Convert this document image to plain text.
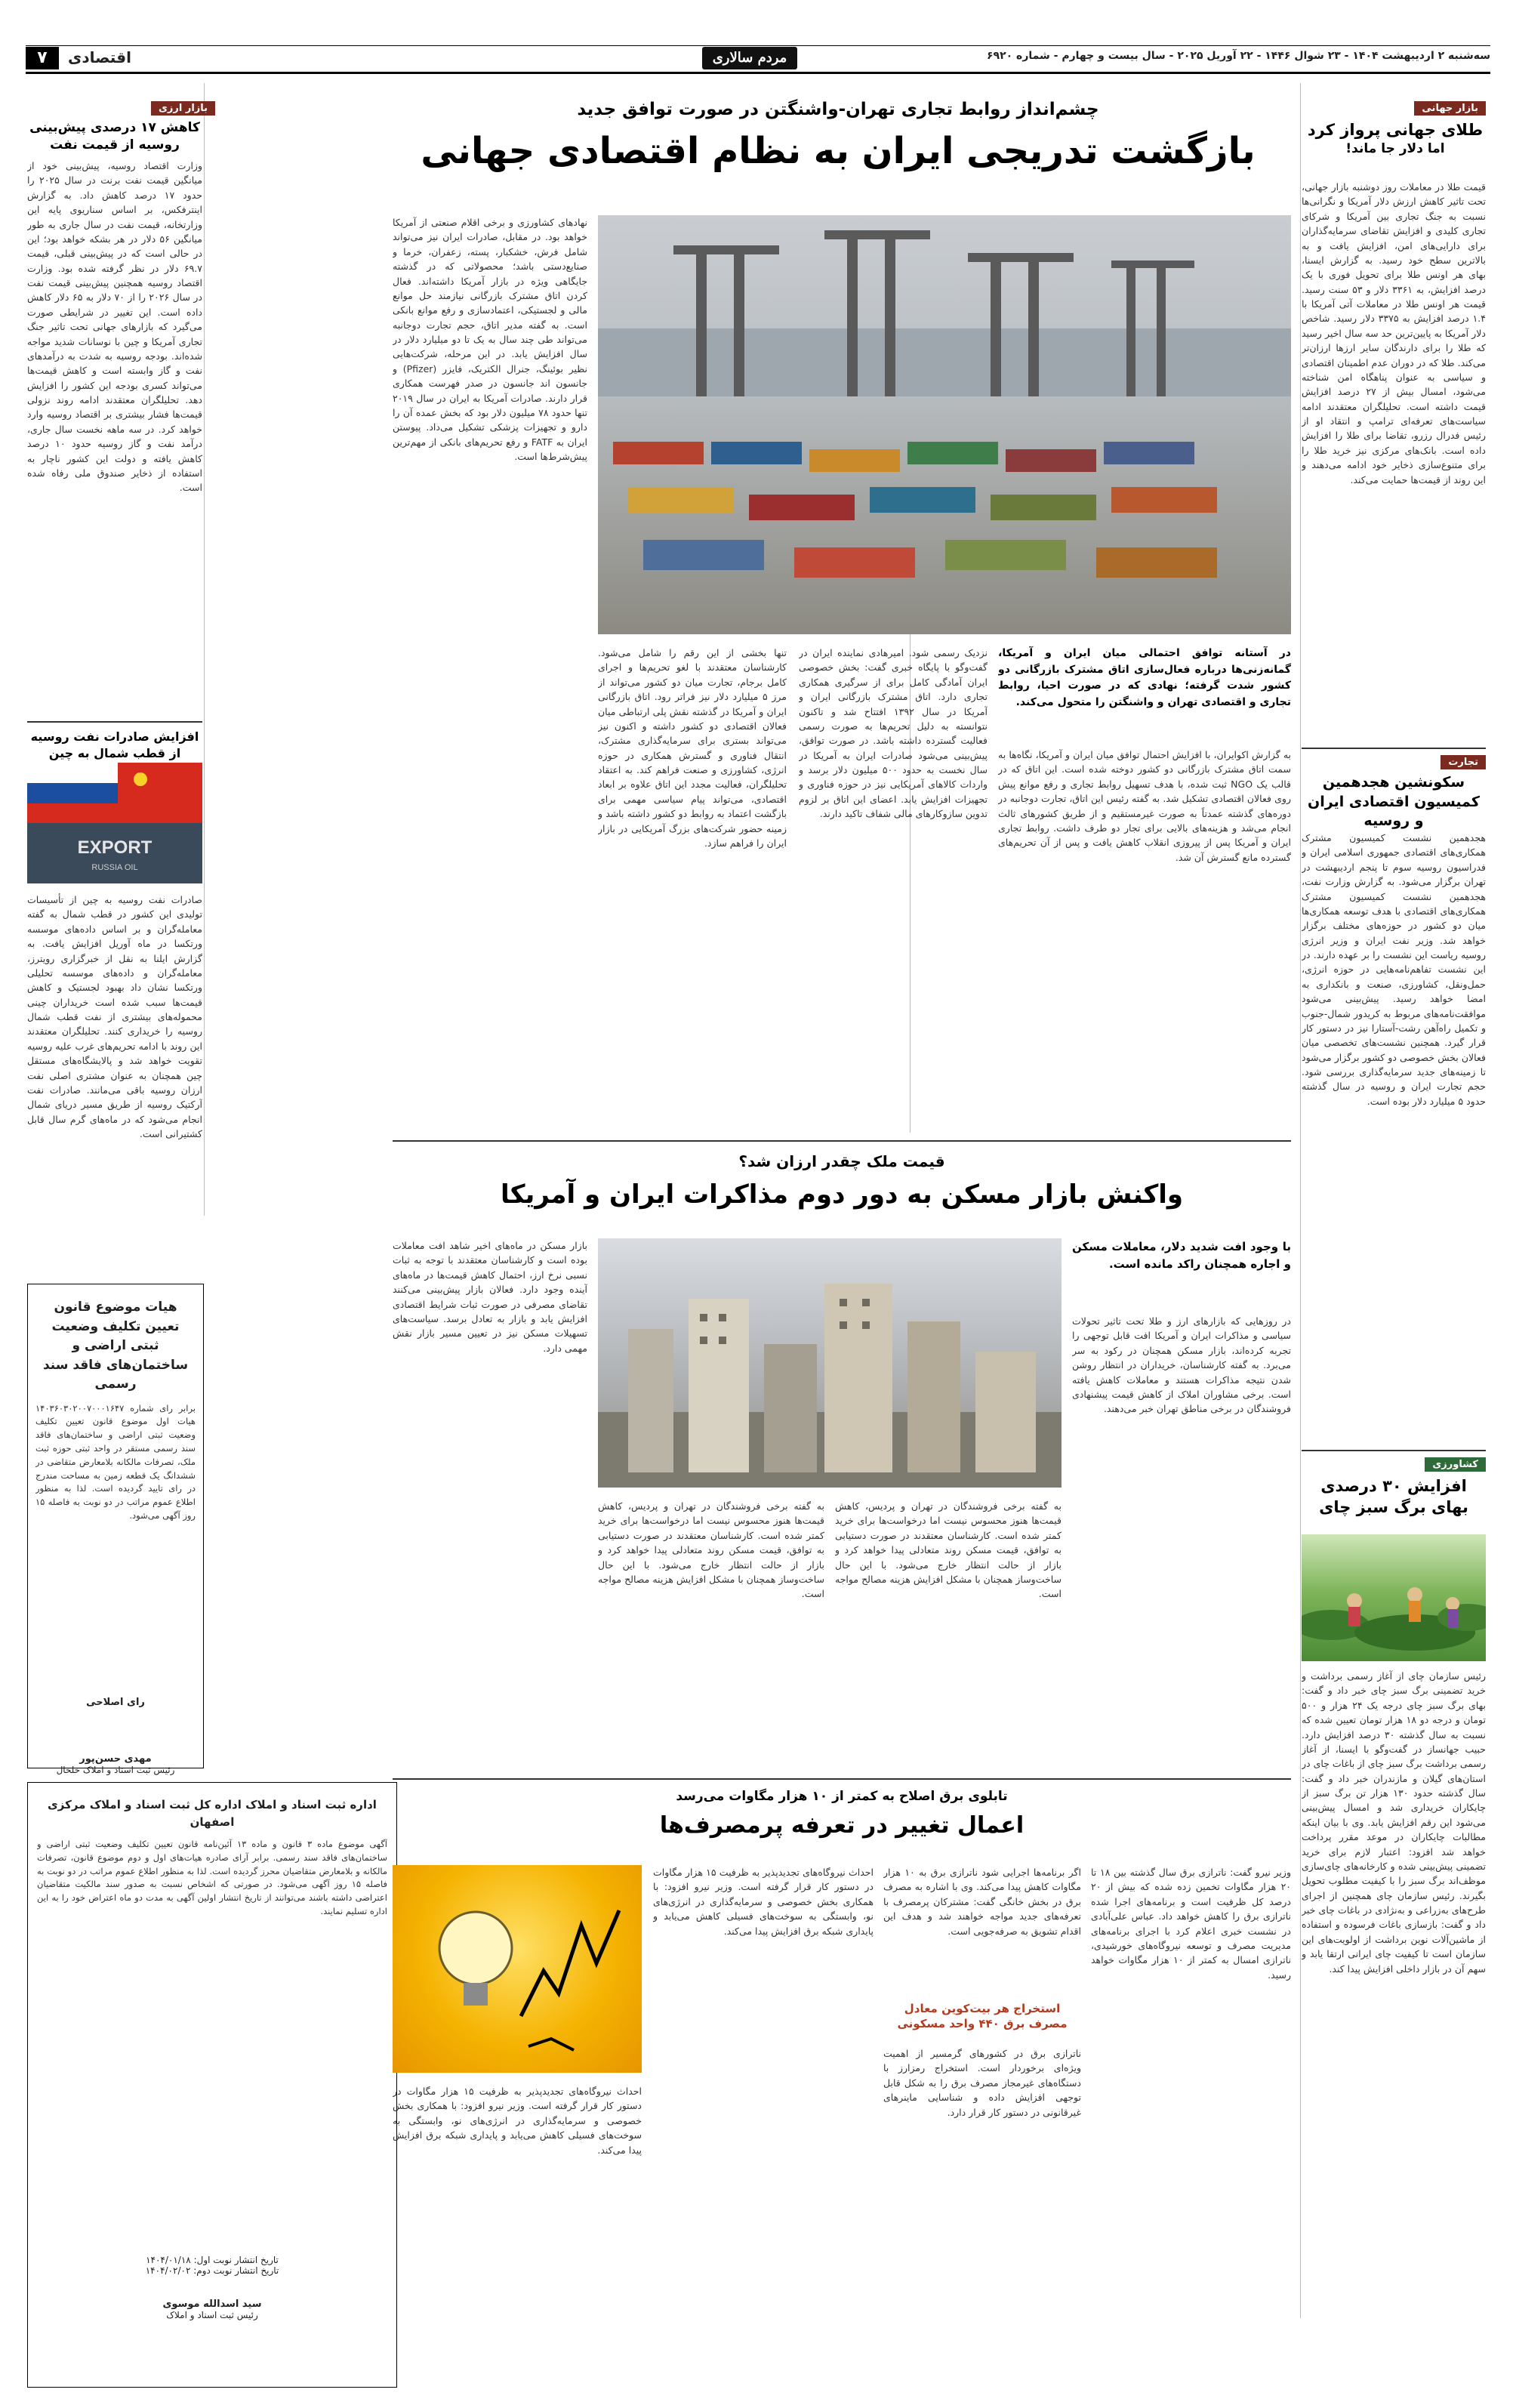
۷	اقتصادی	مردم سالاری	سه‌شنبه ۲ اردیبهشت ۱۴۰۴ - ۲۳ شوال ۱۴۴۶ - ۲۲ آوریل ۲۰۲۵ - سال بیست و چهارم - شماره ۶۹۲۰
بازار جهانی
طلای جهانی پرواز کرد
اما دلار جا ماند!
قیمت طلا در معاملات روز دوشنبه بازار جهانی، تحت تاثیر کاهش ارزش دلار آمریکا و نگرانی‌ها نسبت به جنگ تجاری بین آمریکا و شرکای تجاری کلیدی و افزایش تقاضای سرمایه‌گذاران برای دارایی‌های امن، افزایش یافت و به بالاترین سطح خود رسید. به گزارش ایسنا، بهای هر اونس طلا برای تحویل فوری با یک درصد افزایش، به ۳۳۶۱ دلار و ۵۳ سنت رسید. قیمت هر اونس طلا در معاملات آتی آمریکا با ۱.۴ درصد افزایش به ۳۳۷۵ دلار رسید. شاخص دلار آمریکا به پایین‌ترین حد سه سال اخیر رسید که طلا را برای دارندگان سایر ارزها ارزان‌تر می‌کند. طلا که در دوران عدم اطمینان اقتصادی و سیاسی به عنوان پناهگاه امن شناخته می‌شود، امسال بیش از ۲۷ درصد افزایش قیمت داشته است. تحلیلگران معتقدند ادامه سیاست‌های تعرفه‌ای ترامپ و انتقاد او از رئیس فدرال رزرو، تقاضا برای طلا را افزایش داده است. بانک‌های مرکزی نیز خرید طلا را برای متنوع‌سازی ذخایر خود ادامه می‌دهند و این روند از قیمت‌ها حمایت می‌کند.
تجارت
سکونشین هجدهمین کمیسیون اقتصادی ایران و روسیه
هجدهمین نشست کمیسیون مشترک همکاری‌های اقتصادی جمهوری اسلامی ایران و فدراسیون روسیه سوم تا پنجم اردیبهشت در تهران برگزار می‌شود. به گزارش وزارت نفت، هجدهمین نشست کمیسیون مشترک همکاری‌های اقتصادی با هدف توسعه همکاری‌ها میان دو کشور در حوزه‌های مختلف برگزار خواهد شد. وزیر نفت ایران و وزیر انرژی روسیه ریاست این نشست را بر عهده دارند. در این نشست تفاهم‌نامه‌هایی در حوزه انرژی، حمل‌ونقل، کشاورزی، صنعت و بانکداری به امضا خواهد رسید. پیش‌بینی می‌شود موافقت‌نامه‌های مربوط به کریدور شمال-جنوب و تکمیل راه‌آهن رشت-آستارا نیز در دستور کار قرار گیرد. همچنین نشست‌های تخصصی میان فعالان بخش خصوصی دو کشور برگزار می‌شود تا زمینه‌های جدید سرمایه‌گذاری بررسی شود. حجم تجارت ایران و روسیه در سال گذشته حدود ۵ میلیارد دلار بوده است.
کشاورزی
افزایش ۳۰ درصدی بهای برگ سبز چای
رئیس سازمان چای از آغاز رسمی برداشت و خرید تضمینی برگ سبز چای خبر داد و گفت: بهای برگ سبز چای درجه یک ۲۴ هزار و ۵۰۰ تومان و درجه دو ۱۸ هزار تومان تعیین شده که نسبت به سال گذشته ۳۰ درصد افزایش دارد. حبیب جهانساز در گفت‌وگو با ایسنا، از آغاز رسمی برداشت برگ سبز چای از باغات چای در استان‌های گیلان و مازندران خبر داد و گفت: سال گذشته حدود ۱۳۰ هزار تن برگ سبز از چایکاران خریداری شد و امسال پیش‌بینی می‌شود این رقم افزایش یابد. وی با بیان اینکه مطالبات چایکاران در موعد مقرر پرداخت خواهد شد افزود: اعتبار لازم برای خرید تضمینی پیش‌بینی شده و کارخانه‌های چای‌سازی موظف‌اند برگ سبز را با کیفیت مطلوب تحویل بگیرند. رئیس سازمان چای همچنین از اجرای طرح‌های به‌زراعی و به‌نژادی در باغات چای خبر داد و گفت: بازسازی باغات فرسوده و استفاده از ماشین‌آلات نوین برداشت از اولویت‌های این سازمان است تا کیفیت چای ایرانی ارتقا یابد و سهم آن در بازار داخلی افزایش پیدا کند.
چشم‌انداز روابط تجاری تهران-واشنگتن در صورت توافق جدید
بازگشت تدریجی ایران به نظام اقتصادی جهانی
نهادهای کشاورزی و برخی اقلام صنعتی از آمریکا خواهد بود. در مقابل، صادرات ایران نیز می‌تواند شامل فرش، خشکبار، پسته، زعفران، خرما و صنایع‌دستی باشد؛ محصولاتی که در گذشته جایگاهی ویژه در بازار آمریکا داشته‌اند. فعال کردن اتاق مشترک بازرگانی نیازمند حل موانع مالی و لجستیکی، اعتمادسازی و رفع موانع بانکی است. به گفته مدیر اتاق، حجم تجارت دوجانبه می‌تواند طی چند سال به یک تا دو میلیارد دلار در سال افزایش یابد. در این مرحله، شرکت‌هایی نظیر بوئینگ، جنرال الکتریک، فایزر (Pfizer) و جانسون اند جانسون در صدر فهرست همکاری قرار دارند. صادرات آمریکا به ایران در سال ۲۰۱۹ تنها حدود ۷۸ میلیون دلار بود که بخش عمده آن را دارو و تجهیزات پزشکی تشکیل می‌داد. پیوستن ایران به FATF و رفع تحریم‌های بانکی از مهم‌ترین پیش‌شرط‌ها است.
تنها بخشی از این رقم را شامل می‌شود. کارشناسان معتقدند با لغو تحریم‌ها و اجرای کامل برجام، تجارت میان دو کشور می‌تواند از مرز ۵ میلیارد دلار نیز فراتر رود. اتاق بازرگانی ایران و آمریکا در گذشته نقش پلی ارتباطی میان فعالان اقتصادی دو کشور داشته و اکنون نیز می‌تواند بستری برای سرمایه‌گذاری مشترک، انتقال فناوری و گسترش همکاری در حوزه انرژی، کشاورزی و صنعت فراهم کند. به اعتقاد تحلیلگران، فعالیت مجدد این اتاق علاوه بر ابعاد اقتصادی، می‌تواند پیام سیاسی مهمی برای بازگشت اعتماد به روابط دو کشور داشته باشد و زمینه حضور شرکت‌های بزرگ آمریکایی در بازار ایران را فراهم سازد.
نزدیک رسمی شود. امیرهادی نماینده ایران در گفت‌وگو با پایگاه خبری گفت: بخش خصوصی ایران آمادگی کامل برای از سرگیری همکاری تجاری دارد. اتاق مشترک بازرگانی ایران و آمریکا در سال ۱۳۹۲ افتتاح شد و تاکنون نتوانسته به دلیل تحریم‌ها به صورت رسمی فعالیت گسترده داشته باشد. در صورت توافق، پیش‌بینی می‌شود صادرات ایران به آمریکا در سال نخست به حدود ۵۰۰ میلیون دلار برسد و واردات کالاهای آمریکایی نیز در حوزه فناوری و تجهیزات افزایش یابد. اعضای این اتاق بر لزوم تدوین سازوکارهای مالی شفاف تاکید دارند.
در آستانه توافق احتمالی میان ایران و آمریکا، گمانه‌زنی‌ها درباره فعال‌سازی اتاق مشترک بازرگانی دو کشور شدت گرفته؛ نهادی که در صورت احیا، روابط تجاری و اقتصادی تهران و واشنگتن را متحول می‌کند.
به گزارش اکوایران، با افزایش احتمال توافق میان ایران و آمریکا، نگاه‌ها به سمت اتاق مشترک بازرگانی دو کشور دوخته شده است. این اتاق که در قالب یک NGO ثبت شده، با هدف تسهیل روابط تجاری و رفع موانع پیش روی فعالان اقتصادی تشکیل شد. به گفته رئیس این اتاق، تجارت دوجانبه در دوره‌های گذشته عمدتاً به صورت غیرمستقیم و از طریق کشورهای ثالث انجام می‌شد و هزینه‌های بالایی برای تجار دو طرف داشت. روابط تجاری ایران و آمریکا پس از پیروزی انقلاب کاهش یافت و پس از آن تحریم‌های گسترده مانع گسترش آن شد.
بازار ارزی
کاهش ۱۷ درصدی پیش‌بینی روسیه از قیمت نفت
وزارت اقتصاد روسیه، پیش‌بینی خود از میانگین قیمت نفت برنت در سال ۲۰۲۵ را حدود ۱۷ درصد کاهش داد. به گزارش اینترفکس، بر اساس سناریوی پایه این وزارتخانه، قیمت نفت در سال جاری به طور میانگین ۵۶ دلار در هر بشکه خواهد بود؛ این در حالی است که در پیش‌بینی قبلی، قیمت ۶۹.۷ دلار در نظر گرفته شده بود. وزارت اقتصاد روسیه همچنین پیش‌بینی قیمت نفت در سال ۲۰۲۶ را از ۷۰ دلار به ۶۵ دلار کاهش داده است. این تغییر در شرایطی صورت می‌گیرد که بازارهای جهانی تحت تاثیر جنگ تجاری آمریکا و چین با نوسانات شدید مواجه شده‌اند. بودجه روسیه به شدت به درآمدهای نفت و گاز وابسته است و کاهش قیمت‌ها می‌تواند کسری بودجه این کشور را افزایش دهد. تحلیلگران معتقدند ادامه روند نزولی قیمت‌ها فشار بیشتری بر اقتصاد روسیه وارد خواهد کرد. در سه ماهه نخست سال جاری، درآمد نفت و گاز روسیه حدود ۱۰ درصد کاهش یافته و دولت این کشور ناچار به استفاده از ذخایر صندوق ملی رفاه شده است.
افزایش صادرات نفت روسیه از قطب شمال به چین
EXPORT
RUSSIA OIL
صادرات نفت روسیه به چین از تأسیسات تولیدی این کشور در قطب شمال به گفته معامله‌گران و بر اساس داده‌های موسسه ورتکسا در ماه آوریل افزایش یافت. به گزارش ایلنا به نقل از خبرگزاری رویترز، معامله‌گران و داده‌های موسسه تحلیلی ورتکسا نشان داد بهبود لجستیک و کاهش قیمت‌ها سبب شده است خریداران چینی محموله‌های بیشتری از نفت قطب شمال روسیه را خریداری کنند. تحلیلگران معتقدند این روند با ادامه تحریم‌های غرب علیه روسیه تقویت خواهد شد و پالایشگاه‌های مستقل چین همچنان به عنوان مشتری اصلی نفت ارزان روسیه باقی می‌مانند. صادرات نفت آرکتیک روسیه از طریق مسیر دریای شمال انجام می‌شود که در ماه‌های گرم سال قابل کشتیرانی است.
هیات موضوع قانون تعیین تکلیف وضعیت ثبتی اراضی و ساختمان‌های فاقد سند رسمی
برابر رای شماره ۱۴۰۳۶۰۳۰۲۰۰۷۰۰۰۱۶۴۷ هیات اول موضوع قانون تعیین تکلیف وضعیت ثبتی اراضی و ساختمان‌های فاقد سند رسمی مستقر در واحد ثبتی حوزه ثبت ملک، تصرفات مالکانه بلامعارض متقاضی در ششدانگ یک قطعه زمین به مساحت مندرج در رای تایید گردیده است. لذا به منظور اطلاع عموم مراتب در دو نوبت به فاصله ۱۵ روز آگهی می‌شود.
رای اصلاحی
مهدی حسن‌پور
رئیس ثبت اسناد و املاک خلخال
اداره ثبت اسناد و املاک اداره کل ثبت اسناد و املاک مرکزی اصفهان
آگهی موضوع ماده ۳ قانون و ماده ۱۳ آئین‌نامه قانون تعیین تکلیف وضعیت ثبتی اراضی و ساختمان‌های فاقد سند رسمی. برابر آرای صادره هیات‌های اول و دوم موضوع قانون، تصرفات مالکانه و بلامعارض متقاضیان محرز گردیده است. لذا به منظور اطلاع عموم مراتب در دو نوبت به فاصله ۱۵ روز آگهی می‌شود. در صورتی که اشخاص نسبت به صدور سند مالکیت متقاضیان اعتراضی داشته باشند می‌توانند از تاریخ انتشار اولین آگهی به مدت دو ماه اعتراض خود را به این اداره تسلیم نمایند.
تاریخ انتشار نوبت اول: ۱۴۰۴/۰۱/۱۸
تاریخ انتشار نوبت دوم: ۱۴۰۴/۰۲/۰۲
سید اسدالله موسوی
رئیس ثبت اسناد و املاک
قیمت ملک چقدر ارزان شد؟
واکنش بازار مسکن به دور دوم مذاکرات ایران و آمریکا
با وجود افت شدید دلار، معاملات مسکن و اجاره همچنان راکد مانده است.
در روزهایی که بازارهای ارز و طلا تحت تاثیر تحولات سیاسی و مذاکرات ایران و آمریکا افت قابل توجهی را تجربه کرده‌اند، بازار مسکن همچنان در رکود به سر می‌برد. به گفته کارشناسان، خریداران در انتظار روشن شدن نتیجه مذاکرات هستند و معاملات کاهش یافته است. برخی مشاوران املاک از کاهش قیمت پیشنهادی فروشندگان در برخی مناطق تهران خبر می‌دهند.
به گفته برخی فروشندگان در تهران و پردیس، کاهش قیمت‌ها هنوز محسوس نیست اما درخواست‌ها برای خرید کمتر شده است. کارشناسان معتقدند در صورت دستیابی به توافق، قیمت مسکن روند متعادلی پیدا خواهد کرد و بازار از حالت انتظار خارج می‌شود. با این حال ساخت‌وساز همچنان با مشکل افزایش هزینه مصالح مواجه است.
به گفته برخی فروشندگان در تهران و پردیس، کاهش قیمت‌ها هنوز محسوس نیست اما درخواست‌ها برای خرید کمتر شده است. کارشناسان معتقدند در صورت دستیابی به توافق، قیمت مسکن روند متعادلی پیدا خواهد کرد و بازار از حالت انتظار خارج می‌شود. با این حال ساخت‌وساز همچنان با مشکل افزایش هزینه مصالح مواجه است.
بازار مسکن در ماه‌های اخیر شاهد افت معاملات بوده است و کارشناسان معتقدند با توجه به ثبات نسبی نرخ ارز، احتمال کاهش قیمت‌ها در ماه‌های آینده وجود دارد. فعالان بازار پیش‌بینی می‌کنند تقاضای مصرفی در صورت ثبات شرایط اقتصادی افزایش یابد و بازار به تعادل برسد. سیاست‌های تسهیلات مسکن نیز در تعیین مسیر بازار نقش مهمی دارد.
تابلوی برق اصلاح به کمتر از ۱۰ هزار مگاوات می‌رسد
اعمال تغییر در تعرفه پرمصرف‌ها
وزیر نیرو گفت: ناترازی برق سال گذشته بین ۱۸ تا ۲۰ هزار مگاوات تخمین زده شده که بیش از ۲۰ درصد کل ظرفیت است و برنامه‌های اجرا شده ناترازی برق را کاهش خواهد داد. عباس علی‌آبادی در نشست خبری اعلام کرد با اجرای برنامه‌های مدیریت مصرف و توسعه نیروگاه‌های خورشیدی، ناترازی امسال به کمتر از ۱۰ هزار مگاوات خواهد رسید.
اگر برنامه‌ها اجرایی شود ناترازی برق به ۱۰ هزار مگاوات کاهش پیدا می‌کند. وی با اشاره به مصرف برق در بخش خانگی گفت: مشترکان پرمصرف با تعرفه‌های جدید مواجه خواهند شد و هدف این اقدام تشویق به صرفه‌جویی است.
استخراج هر بیت‌کوین معادل مصرف برق ۴۴۰ واحد مسکونی
ناترازی برق در کشورهای گرمسیر از اهمیت ویژه‌ای برخوردار است. استخراج رمزارز با دستگاه‌های غیرمجاز مصرف برق را به شکل قابل توجهی افزایش داده و شناسایی ماینرهای غیرقانونی در دستور کار قرار دارد.
احداث نیروگاه‌های تجدیدپذیر به ظرفیت ۱۵ هزار مگاوات در دستور کار قرار گرفته است. وزیر نیرو افزود: با همکاری بخش خصوصی و سرمایه‌گذاری در انرژی‌های نو، وابستگی به سوخت‌های فسیلی کاهش می‌یابد و پایداری شبکه برق افزایش پیدا می‌کند.
احداث نیروگاه‌های تجدیدپذیر به ظرفیت ۱۵ هزار مگاوات در دستور کار قرار گرفته است. وزیر نیرو افزود: با همکاری بخش خصوصی و سرمایه‌گذاری در انرژی‌های نو، وابستگی به سوخت‌های فسیلی کاهش می‌یابد و پایداری شبکه برق افزایش پیدا می‌کند.
